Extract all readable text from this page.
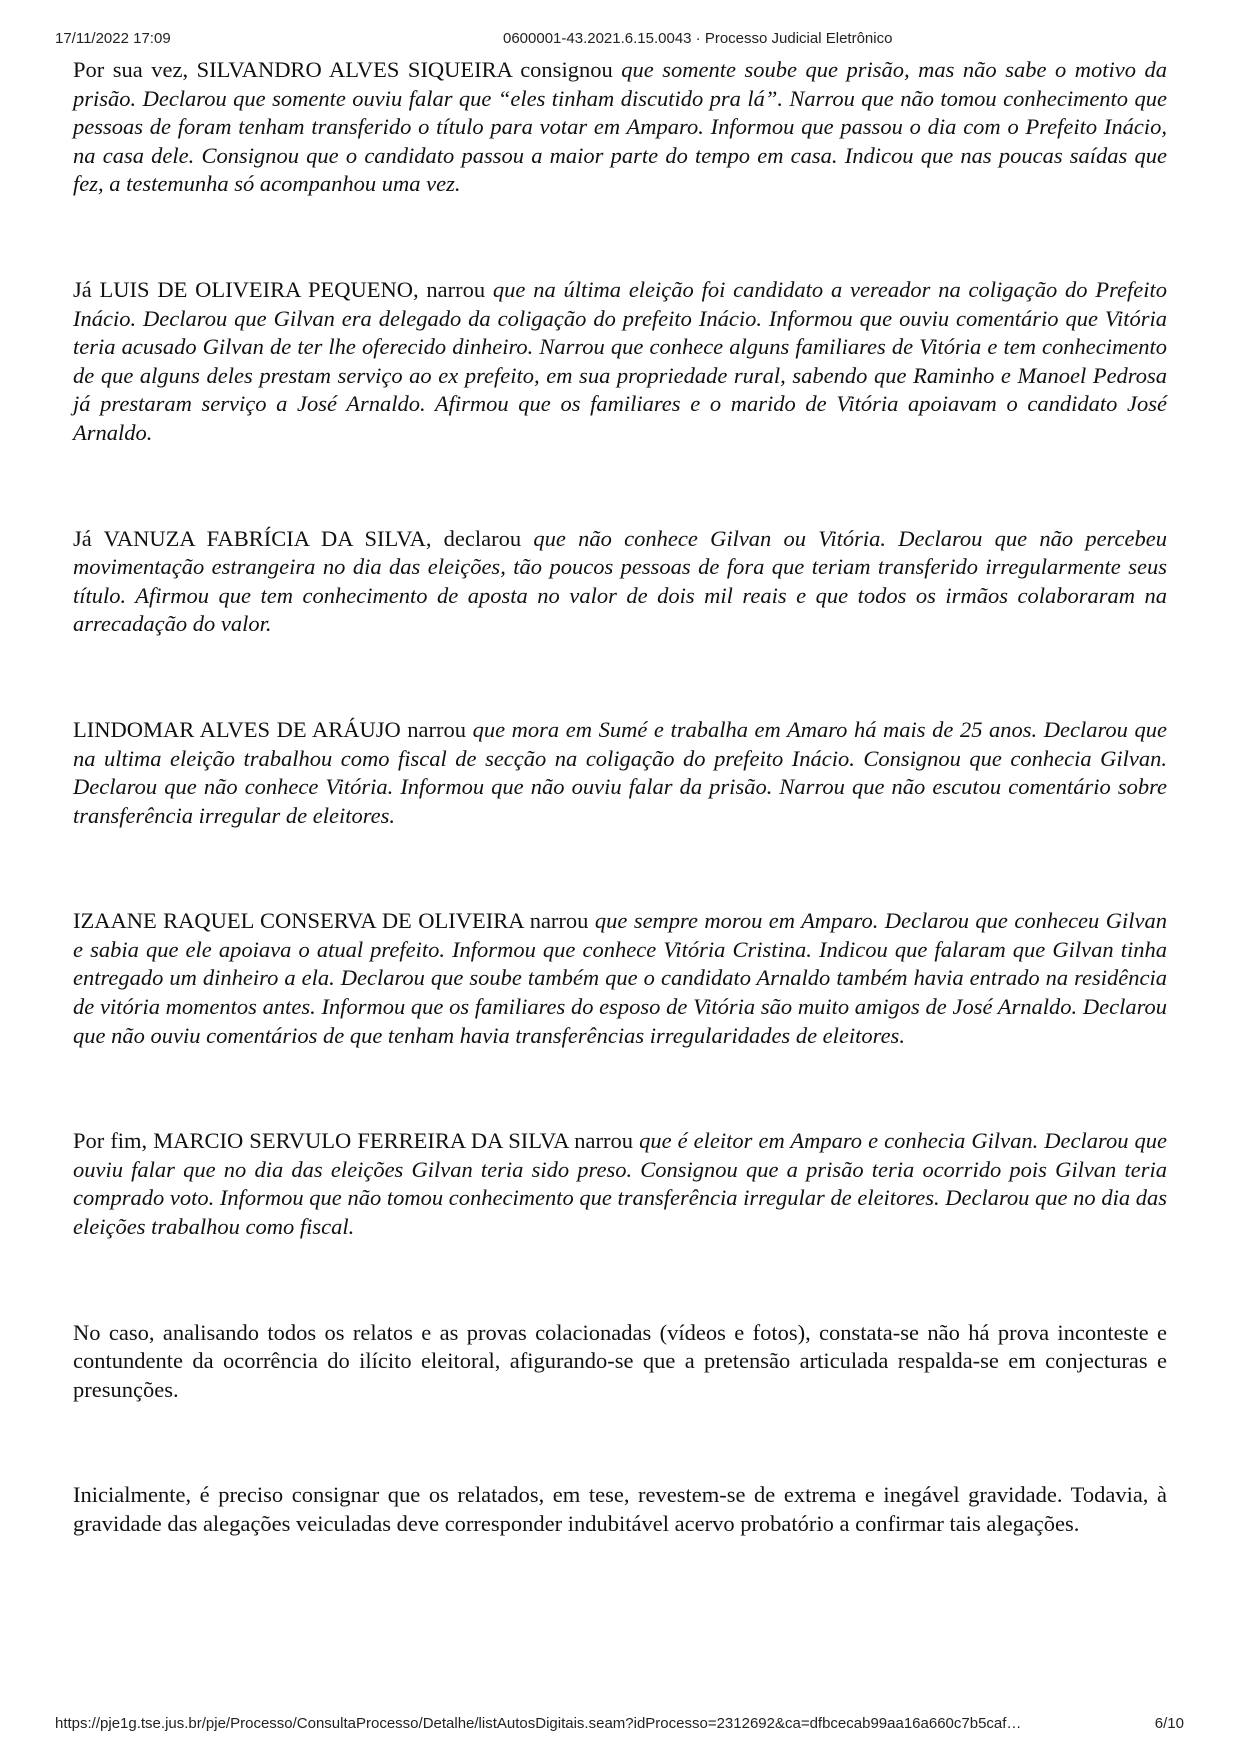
17/11/2022 17:09	0600001-43.2021.6.15.0043 · Processo Judicial Eletrônico

Por sua vez, SILVANDRO ALVES SIQUEIRA consignou que somente soube que prisão, mas não sabe o motivo da prisão. Declarou que somente ouviu falar que “eles tinham discutido pra lá”. Narrou que não tomou conhecimento que pessoas de foram tenham transferido o título para votar em Amparo. Informou que passou o dia com o Prefeito Inácio, na casa dele. Consignou que o candidato passou a maior parte do tempo em casa. Indicou que nas poucas saídas que fez, a testemunha só acompanhou uma vez.

Já LUIS DE OLIVEIRA PEQUENO, narrou que na última eleição foi candidato a vereador na coligação do Prefeito Inácio. Declarou que Gilvan era delegado da coligação do prefeito Inácio. Informou que ouviu comentário que Vitória teria acusado Gilvan de ter lhe oferecido dinheiro. Narrou que conhece alguns familiares de Vitória e tem conhecimento de que alguns deles prestam serviço ao ex prefeito, em sua propriedade rural, sabendo que Raminho e Manoel Pedrosa já prestaram serviço a José Arnaldo. Afirmou que os familiares e o marido de Vitória apoiavam o candidato José Arnaldo.

Já VANUZA FABRÍCIA DA SILVA, declarou que não conhece Gilvan ou Vitória. Declarou que não percebeu movimentação estrangeira no dia das eleições, tão poucos pessoas de fora que teriam transferido irregularmente seus título. Afirmou que tem conhecimento de aposta no valor de dois mil reais e que todos os irmãos colaboraram na arrecadação do valor.

LINDOMAR ALVES DE ARÁUJO narrou que mora em Sumé e trabalha em Amaro há mais de 25 anos. Declarou que na ultima eleição trabalhou como fiscal de secção na coligação do prefeito Inácio. Consignou que conhecia Gilvan. Declarou que não conhece Vitória. Informou que não ouviu falar da prisão. Narrou que não escutou comentário sobre transferência irregular de eleitores.

IZAANE RAQUEL CONSERVA DE OLIVEIRA narrou que sempre morou em Amparo. Declarou que conheceu Gilvan e sabia que ele apoiava o atual prefeito. Informou que conhece Vitória Cristina. Indicou que falaram que Gilvan tinha entregado um dinheiro a ela. Declarou que soube também que o candidato Arnaldo também havia entrado na residência de vitória momentos antes. Informou que os familiares do esposo de Vitória são muito amigos de José Arnaldo. Declarou que não ouviu comentários de que tenham havia transferências irregularidades de eleitores.

Por fim, MARCIO SERVULO FERREIRA DA SILVA narrou que é eleitor em Amparo e conhecia Gilvan. Declarou que ouviu falar que no dia das eleições Gilvan teria sido preso. Consignou que a prisão teria ocorrido pois Gilvan teria comprado voto. Informou que não tomou conhecimento que transferência irregular de eleitores. Declarou que no dia das eleições trabalhou como fiscal.

No caso, analisando todos os relatos e as provas colacionadas (vídeos e fotos), constata-se não há prova inconteste e contundente da ocorrência do ilícito eleitoral, afigurando-se que a pretensão articulada respalda-se em conjecturas e presunções.

Inicialmente, é preciso consignar que os relatados, em tese, revestem-se de extrema e inegável gravidade. Todavia, à gravidade das alegações veiculadas deve corresponder indubitável acervo probatório a confirmar tais alegações.

https://pje1g.tse.jus.br/pje/Processo/ConsultaProcesso/Detalhe/listAutosDigitais.seam?idProcesso=2312692&ca=dfbcecab99aa16a660c7b5caf…	6/10
